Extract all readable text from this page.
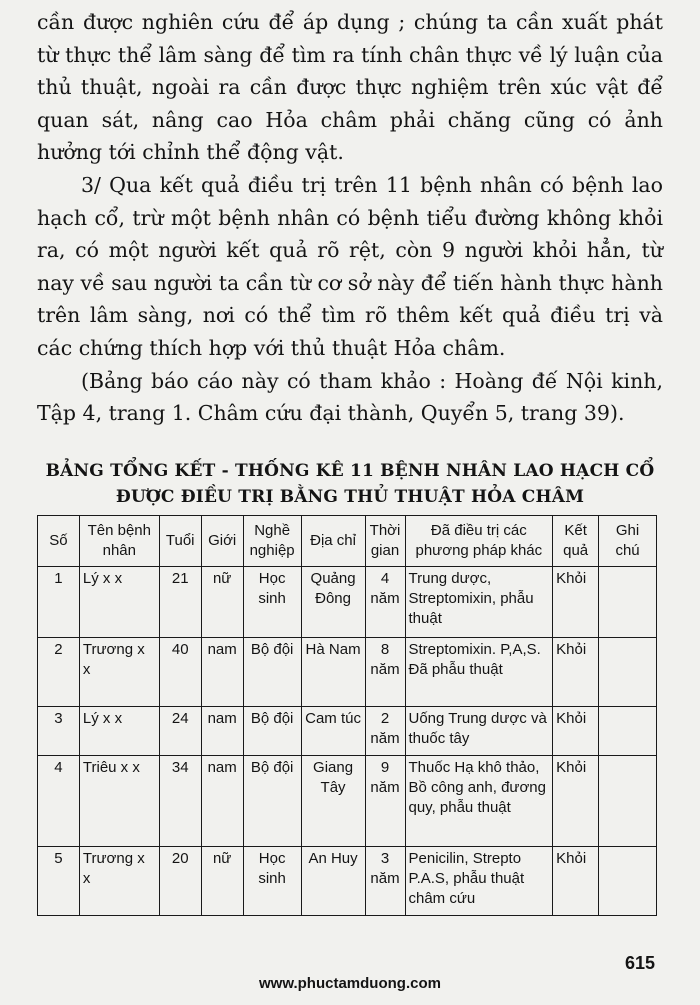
cần được nghiên cứu để áp dụng ; chúng ta cần xuất phát từ thực thể lâm sàng để tìm ra tính chân thực về lý luận của thủ thuật, ngoài ra cần được thực nghiệm trên xúc vật để quan sát, nâng cao Hỏa châm phải chăng cũng có ảnh hưởng tới chỉnh thể động vật.

3/ Qua kết quả điều trị trên 11 bệnh nhân có bệnh lao hạch cổ, trừ một bệnh nhân có bệnh tiểu đường không khỏi ra, có một người kết quả rõ rệt, còn 9 người khỏi hẳn, từ nay về sau người ta cần từ cơ sở này để tiến hành thực hành trên lâm sàng, nơi có thể tìm rõ thêm kết quả điều trị và các chứng thích hợp với thủ thuật Hỏa châm.

(Bảng báo cáo này có tham khảo : Hoàng đế Nội kinh, Tập 4, trang 1. Châm cứu đại thành, Quyển 5, trang 39).

BẢNG TỔNG KẾT - THỐNG KÊ 11 BỆNH NHÂN LAO HẠCH CỔ
ĐƯỢC ĐIỀU TRỊ BẰNG THỦ THUẬT HỎA CHÂM
Số	Tên bệnh nhân	Tuổi	Giới	Nghề nghiệp	Địa chỉ	Thời gian	Đã điều trị các phương pháp khác	Kết quả	Ghi chú
1	Lý x x	21	nữ	Học sinh	Quảng Đông	4 năm	Trung dược, Streptomixin, phẫu thuật	Khỏi	
2	Trương x x	40	nam	Bộ đội	Hà Nam	8 năm	Streptomixin. P,A,S. Đã phẫu thuật	Khỏi	
3	Lý x x	24	nam	Bộ đội	Cam túc	2 năm	Uống Trung dược và thuốc tây	Khỏi	
4	Triêu x x	34	nam	Bộ đội	Giang Tây	9 năm	Thuốc Hạ khô thảo, Bồ công anh, đương quy, phẫu thuật	Khỏi	
5	Trương x x	20	nữ	Học sinh	An Huy	3 năm	Penicilin, Strepto P.A.S, phẫu thuật châm cứu	Khỏi	
615
www.phuctamduong.com
